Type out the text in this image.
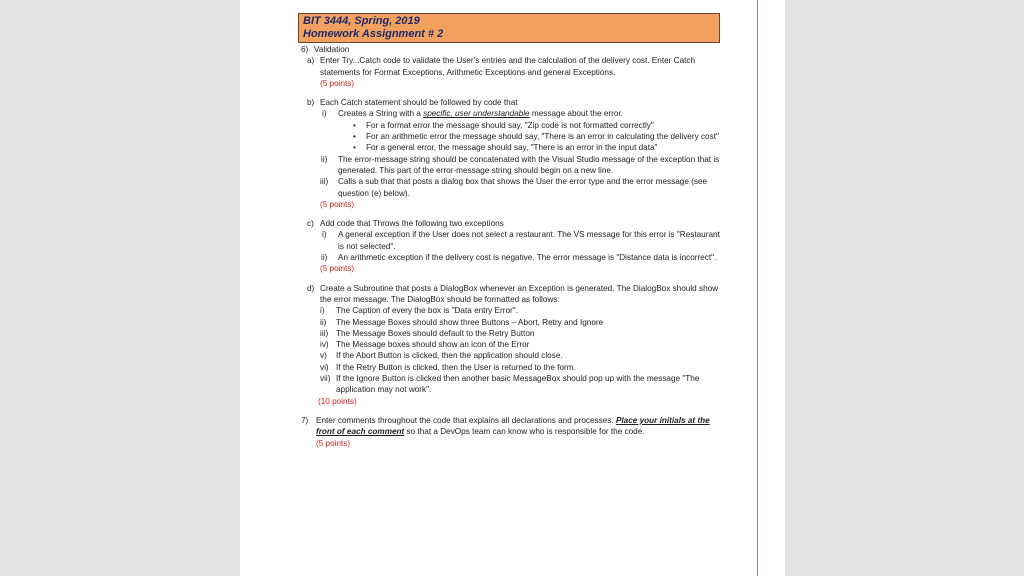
BIT 3444, Spring, 2019
Homework Assignment # 2
6) Validation
a) Enter Try...Catch code to validate the User's entries and the calculation of the delivery cost. Enter Catch statements for Format Exceptions, Arithmetic Exceptions and general Exceptions.
(5 points)
b) Each Catch statement should be followed by code that
i) Creates a String with a specific, user understandable message about the error.
• For a format error the message should say, "Zip code is not formatted correctly"
• For an arithmetic error the message should say, "There is an error in calculating the delivery cost"
• For a general error, the message should say, "There is an error in the input data"
ii) The error-message string should be concatenated with the Visual Studio message of the exception that is generated. This part of the error-message string should begin on a new line.
iii) Calls a sub that that posts a dialog box that shows the User the error type and the error message (see question (e) below).
(5 points)
c) Add code that Throws the following two exceptions
i) A general exception if the User does not select a restaurant. The VS message for this error is "Restaurant is not selected".
ii) An arithmetic exception if the delivery cost is negative. The error message is "Distance data is incorrect".
(5 points)
d) Create a Subroutine that posts a DialogBox whenever an Exception is generated. The DialogBox should show the error message. The DialogBox should be formatted as follows:
i) The Caption of every the box is "Data entry Error".
ii) The Message Boxes should show three Buttons – Abort, Retry and Ignore
iii) The Message Boxes should default to the Retry Button
iv) The Message boxes should show an icon of the Error
v) If the Abort Button is clicked, then the application should close.
vi) If the Retry Button is clicked, then the User is returned to the form.
vii) If the Ignore Button is clicked then another basic MessageBox should pop up with the message "The application may not work".
(10 points)
7) Enter comments throughout the code that explains all declarations and processes. Place your initials at the front of each comment so that a DevOps team can know who is responsible for the code.
(5 points)
